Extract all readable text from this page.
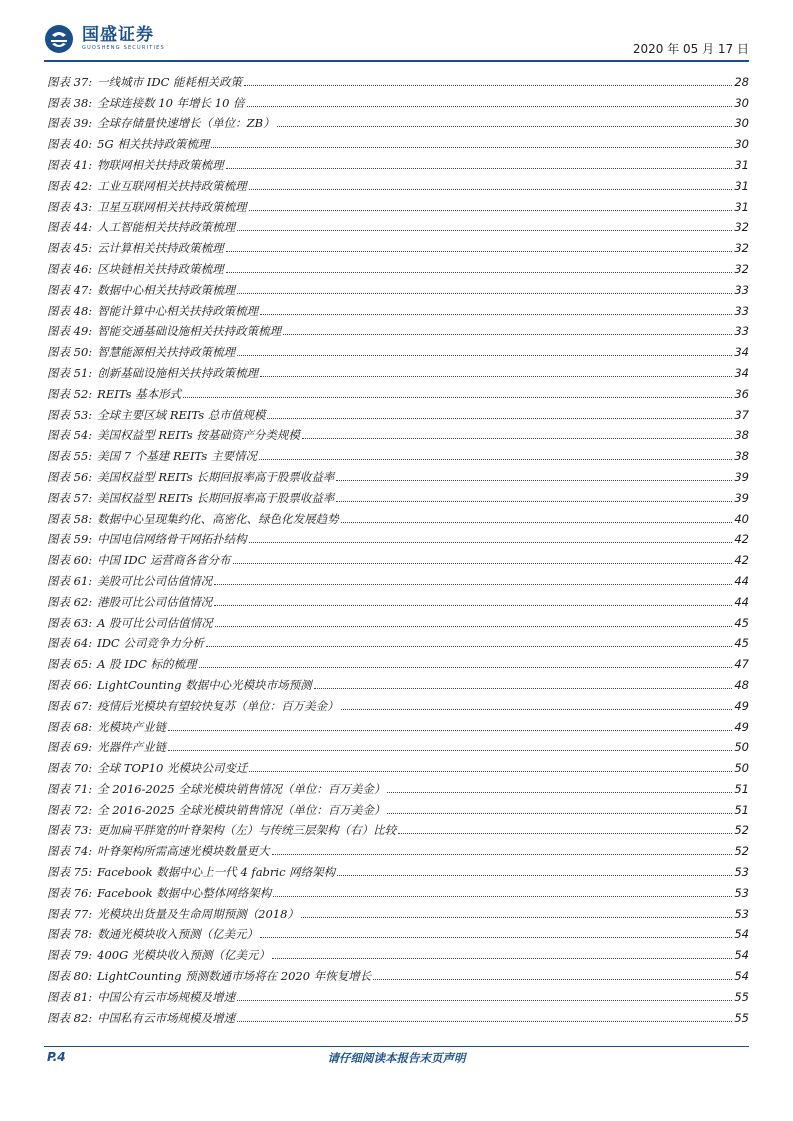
国盛证券
GUOSHENG SECURITIES	2020 年 05 月 17 日
图表 37: 一线城市 IDC 能耗相关政策	28
图表 38: 全球连接数 10 年增长 10 倍	30
图表 39: 全球存储量快速增长（单位：ZB）	30
图表 40: 5G 相关扶持政策梳理	30
图表 41: 物联网相关扶持政策梳理	31
图表 42: 工业互联网相关扶持政策梳理	31
图表 43: 卫星互联网相关扶持政策梳理	31
图表 44: 人工智能相关扶持政策梳理	32
图表 45: 云计算相关扶持政策梳理	32
图表 46: 区块链相关扶持政策梳理	32
图表 47: 数据中心相关扶持政策梳理	33
图表 48: 智能计算中心相关扶持政策梳理	33
图表 49: 智能交通基础设施相关扶持政策梳理	33
图表 50: 智慧能源相关扶持政策梳理	34
图表 51: 创新基础设施相关扶持政策梳理	34
图表 52: REITs 基本形式	36
图表 53: 全球主要区域 REITs 总市值规模	37
图表 54: 美国权益型 REITs 按基础资产分类规模	38
图表 55: 美国 7 个基建 REITs 主要情况	38
图表 56: 美国权益型 REITs 长期回报率高于股票收益率	39
图表 57: 美国权益型 REITs 长期回报率高于股票收益率	39
图表 58: 数据中心呈现集约化、高密化、绿色化发展趋势	40
图表 59: 中国电信网络骨干网拓扑结构	42
图表 60: 中国 IDC 运营商各省分布	42
图表 61: 美股可比公司估值情况	44
图表 62: 港股可比公司估值情况	44
图表 63: A 股可比公司估值情况	45
图表 64: IDC 公司竞争力分析	45
图表 65: A 股 IDC 标的梳理	47
图表 66: LightCounting 数据中心光模块市场预测	48
图表 67: 疫情后光模块有望较快复苏（单位：百万美金）	49
图表 68: 光模块产业链	49
图表 69: 光器件产业链	50
图表 70: 全球 TOP10 光模块公司变迁	50
图表 71: 全 2016-2025 全球光模块销售情况（单位：百万美金）	51
图表 72: 全 2016-2025 全球光模块销售情况（单位：百万美金）	51
图表 73: 更加扁平胖宽的叶脊架构（左）与传统三层架构（右）比较	52
图表 74: 叶脊架构所需高速光模块数量更大	52
图表 75: Facebook 数据中心上一代 4 fabric 网络架构	53
图表 76: Facebook 数据中心整体网络架构	53
图表 77: 光模块出货量及生命周期预测（2018）	53
图表 78: 数通光模块收入预测（亿美元）	54
图表 79: 400G 光模块收入预测（亿美元）	54
图表 80: LightCounting 预测数通市场将在 2020 年恢复增长	54
图表 81: 中国公有云市场规模及增速	55
图表 82: 中国私有云市场规模及增速	55
请仔细阅读本报告末页声明
P.4
